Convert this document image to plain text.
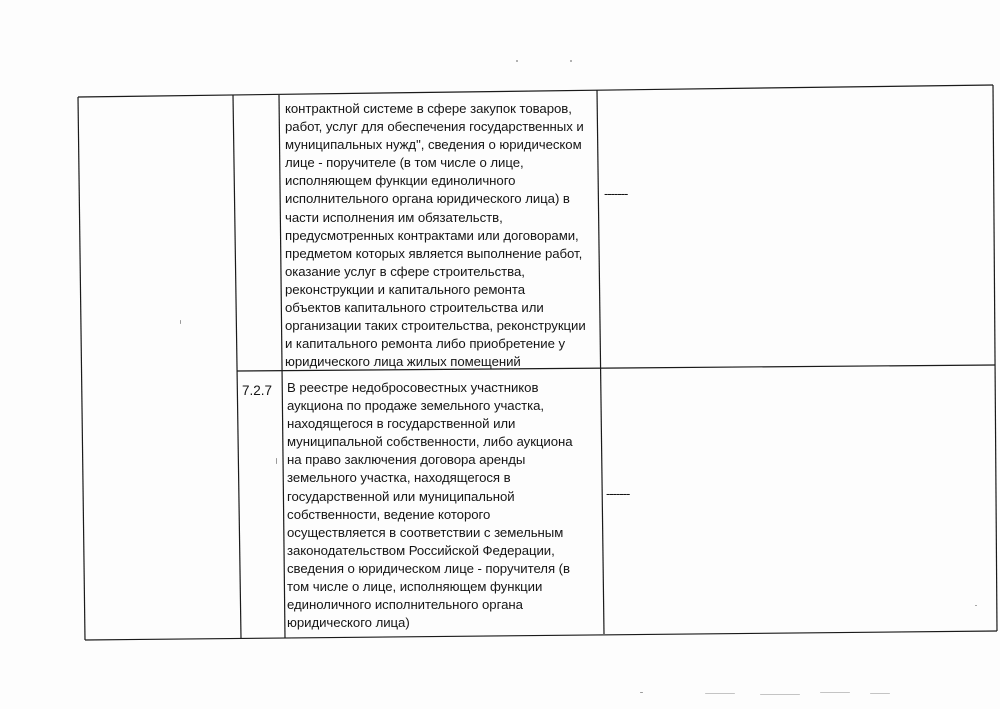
контрактной системе в сфере закупок товаров,
работ, услуг для обеспечения государственных и
муниципальных нужд", сведения о юридическом
лице - поручителе (в том числе о лице,
исполняющем функции единоличного
исполнительного органа юридического лица) в
части исполнения им обязательств,
предусмотренных контрактами или договорами,
предметом которых является выполнение работ,
оказание услуг в сфере строительства,
реконструкции и капитального ремонта
объектов капитального строительства или
организации таких строительства, реконструкции
и капитального ремонта либо приобретение у
юридического лица жилых помещений
-------
7.2.7 В реестре недобросовестных участников
аукциона по продаже земельного участка,
находящегося в государственной или
муниципальной собственности, либо аукциона
на право заключения договора аренды
земельного участка, находящегося в
государственной или муниципальной
собственности, ведение которого
осуществляется в соответствии с земельным
законодательством Российской Федерации,
сведения о юридическом лице - поручителя (в
том числе о лице, исполняющем функции
единоличного исполнительного органа
юридического лица)
-------
